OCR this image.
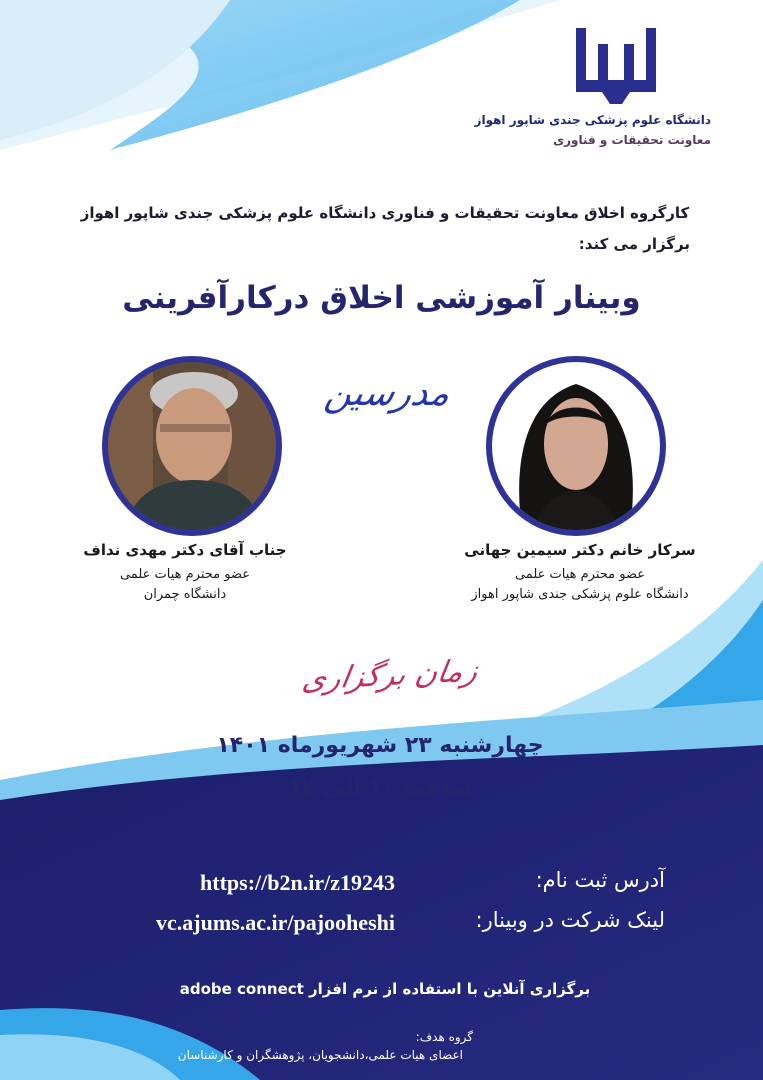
دانشگاه علوم پزشکی جندی شاپور اهواز
معاونت تحقیقات و فناوری
کارگروه اخلاق معاونت تحقیقات و فناوری دانشگاه علوم پزشکی جندی شاپور اهواز
برگزار می کند:
وبینار آموزشی اخلاق درکارآفرینی
مدرسین
جناب آقای دکتر مهدی نداف
عضو محترم هیات علمی
دانشگاه چمران
سرکار خانم دکتر سیمین جهانی
عضو محترم هیات علمی
دانشگاه علوم پزشکی جندی شاپور اهواز
زمان برگزاری
چهارشنبه ۲۳ شهریورماه ۱۴۰۱
ساعت ۱۰ الی ۱۲
آدرس ثبت نام:
https://b2n.ir/z19243
لینک شرکت در وبینار:
vc.ajums.ac.ir/pajooheshi
برگزاری آنلاین با استفاده از نرم افزار adobe connect
گروه هدف:
اعضای هیات علمی،دانشجویان، پژوهشگران و کارشناسان
